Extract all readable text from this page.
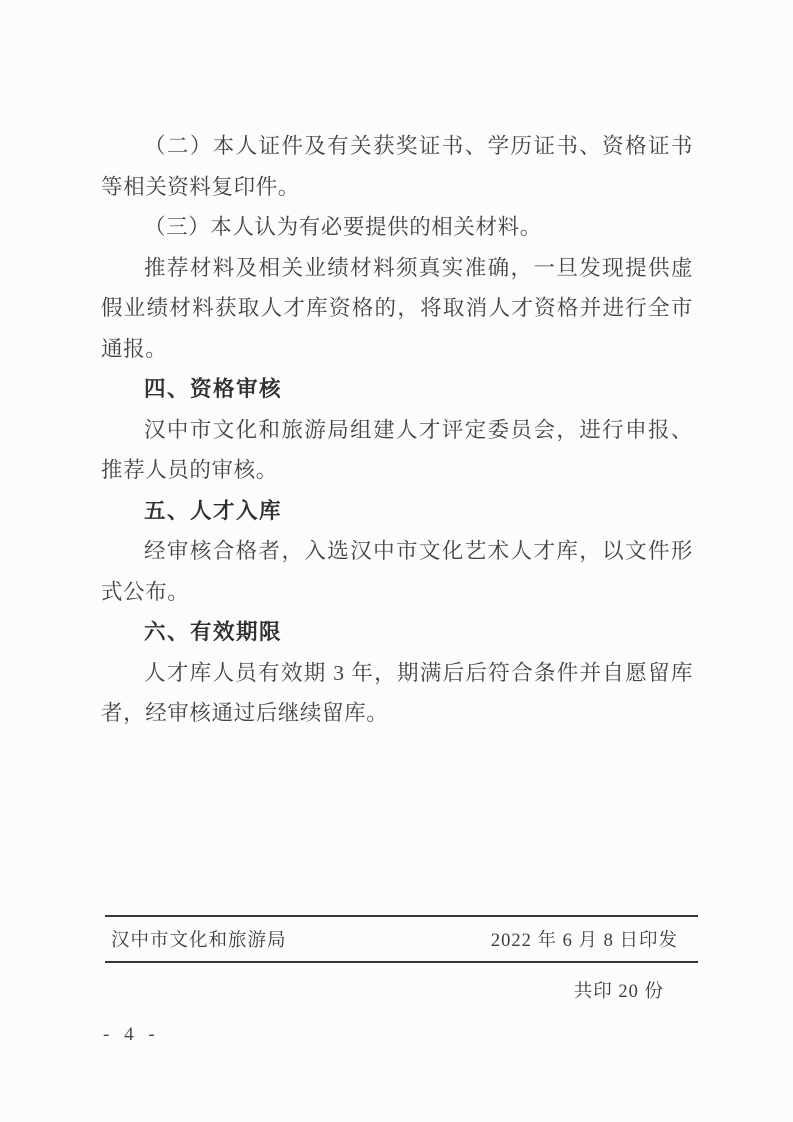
（二）本人证件及有关获奖证书、学历证书、资格证书等相关资料复印件。
（三）本人认为有必要提供的相关材料。
推荐材料及相关业绩材料须真实准确，一旦发现提供虚假业绩材料获取人才库资格的，将取消人才资格并进行全市通报。
四、资格审核
汉中市文化和旅游局组建人才评定委员会，进行申报、推荐人员的审核。
五、人才入库
经审核合格者，入选汉中市文化艺术人才库，以文件形式公布。
六、有效期限
人才库人员有效期 3 年，期满后后符合条件并自愿留库者，经审核通过后继续留库。
汉中市文化和旅游局	2022 年 6 月 8 日印发
共印 20 份
- 4 -
